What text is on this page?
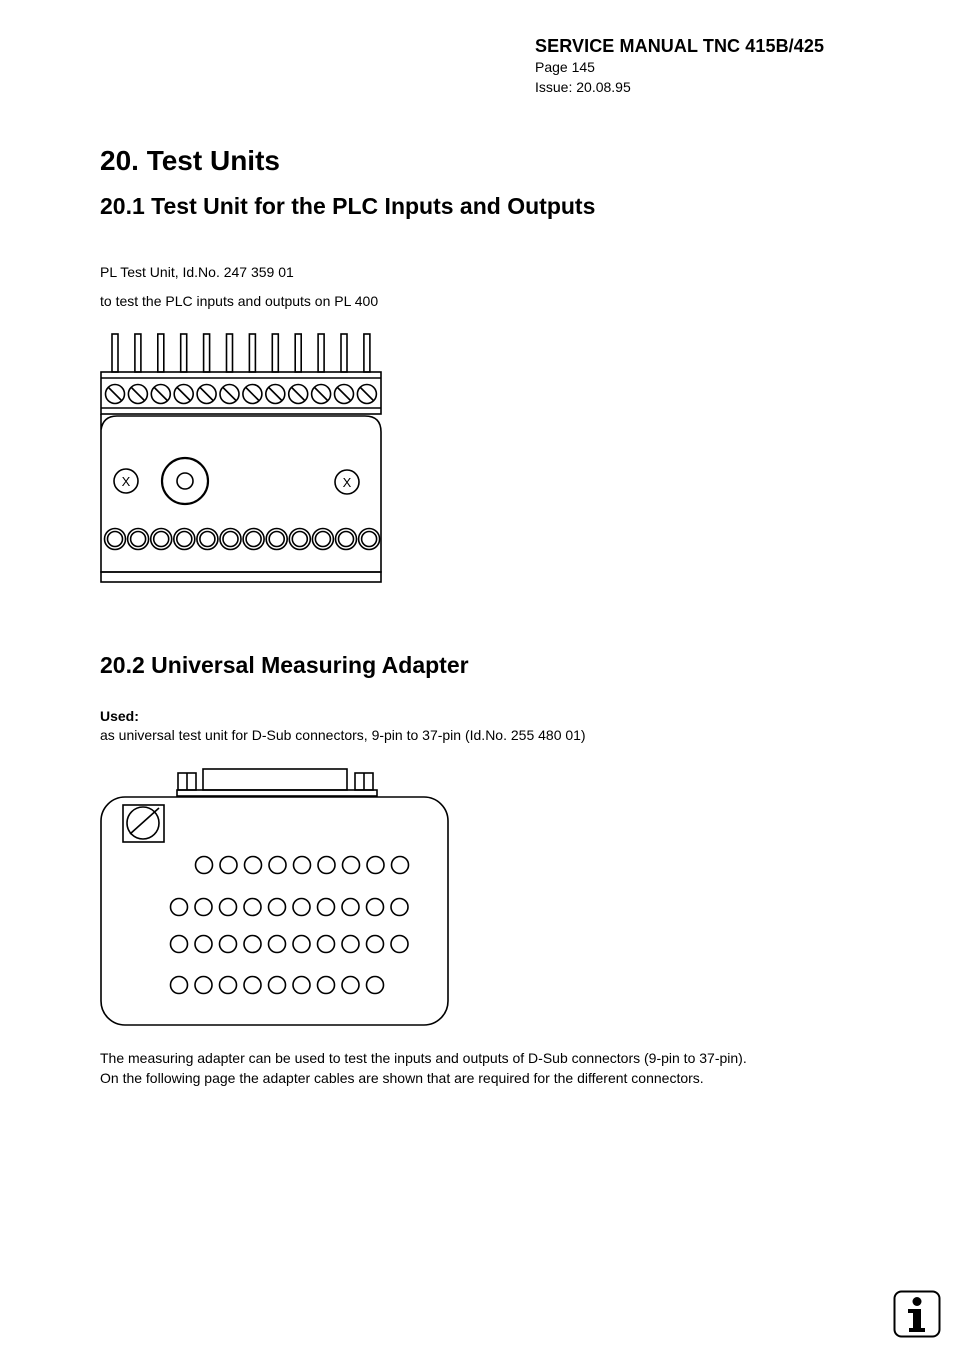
SERVICE MANUAL TNC 415B/425
Page 145
Issue: 20.08.95
20. Test Units
20.1 Test Unit for the PLC Inputs and Outputs
PL Test Unit, Id.No. 247 359 01
to test the PLC inputs and outputs on PL 400
X	X
20.2 Universal Measuring Adapter
Used:
as universal test unit for D-Sub connectors, 9-pin to 37-pin (Id.No. 255 480 01)
The measuring adapter can be used to test the inputs and outputs of D-Sub connectors (9-pin to 37-pin).
On the following page the adapter cables are shown that are required for the different connectors.
